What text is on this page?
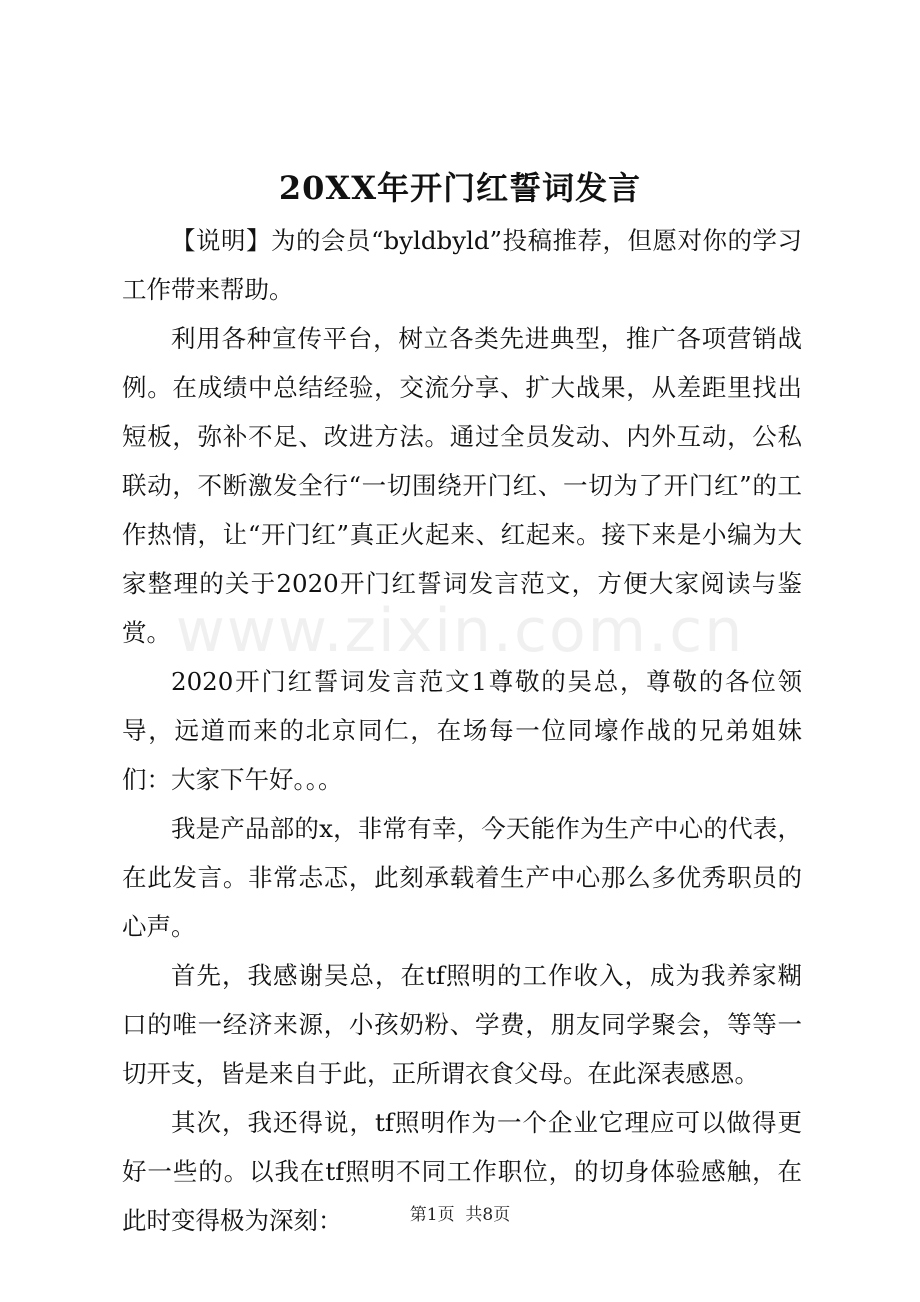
20XX年开门红誓词发言

【说明】为的会员“byldbyld”投稿推荐，但愿对你的学习工作带来帮助。

利用各种宣传平台，树立各类先进典型，推广各项营销战例。在成绩中总结经验，交流分享、扩大战果，从差距里找出短板，弥补不足、改进方法。通过全员发动、内外互动，公私联动，不断激发全行“一切围绕开门红、一切为了开门红”的工作热情，让“开门红”真正火起来、红起来。接下来是小编为大家整理的关于2020开门红誓词发言范文，方便大家阅读与鉴赏。

2020开门红誓词发言范文1尊敬的吴总，尊敬的各位领导，远道而来的北京同仁，在场每一位同壕作战的兄弟姐妹们：大家下午好。。。

我是产品部的x，非常有幸，今天能作为生产中心的代表，在此发言。非常忐忑，此刻承载着生产中心那么多优秀职员的心声。

首先，我感谢吴总，在tf照明的工作收入，成为我养家糊口的唯一经济来源，小孩奶粉、学费，朋友同学聚会，等等一切开支，皆是来自于此，正所谓衣食父母。在此深表感恩。

其次，我还得说，tf照明作为一个企业它理应可以做得更好一些的。以我在tf照明不同工作职位，的切身体验感触，在此时变得极为深刻：

www.zixin.com.cn
第1页  共8页
